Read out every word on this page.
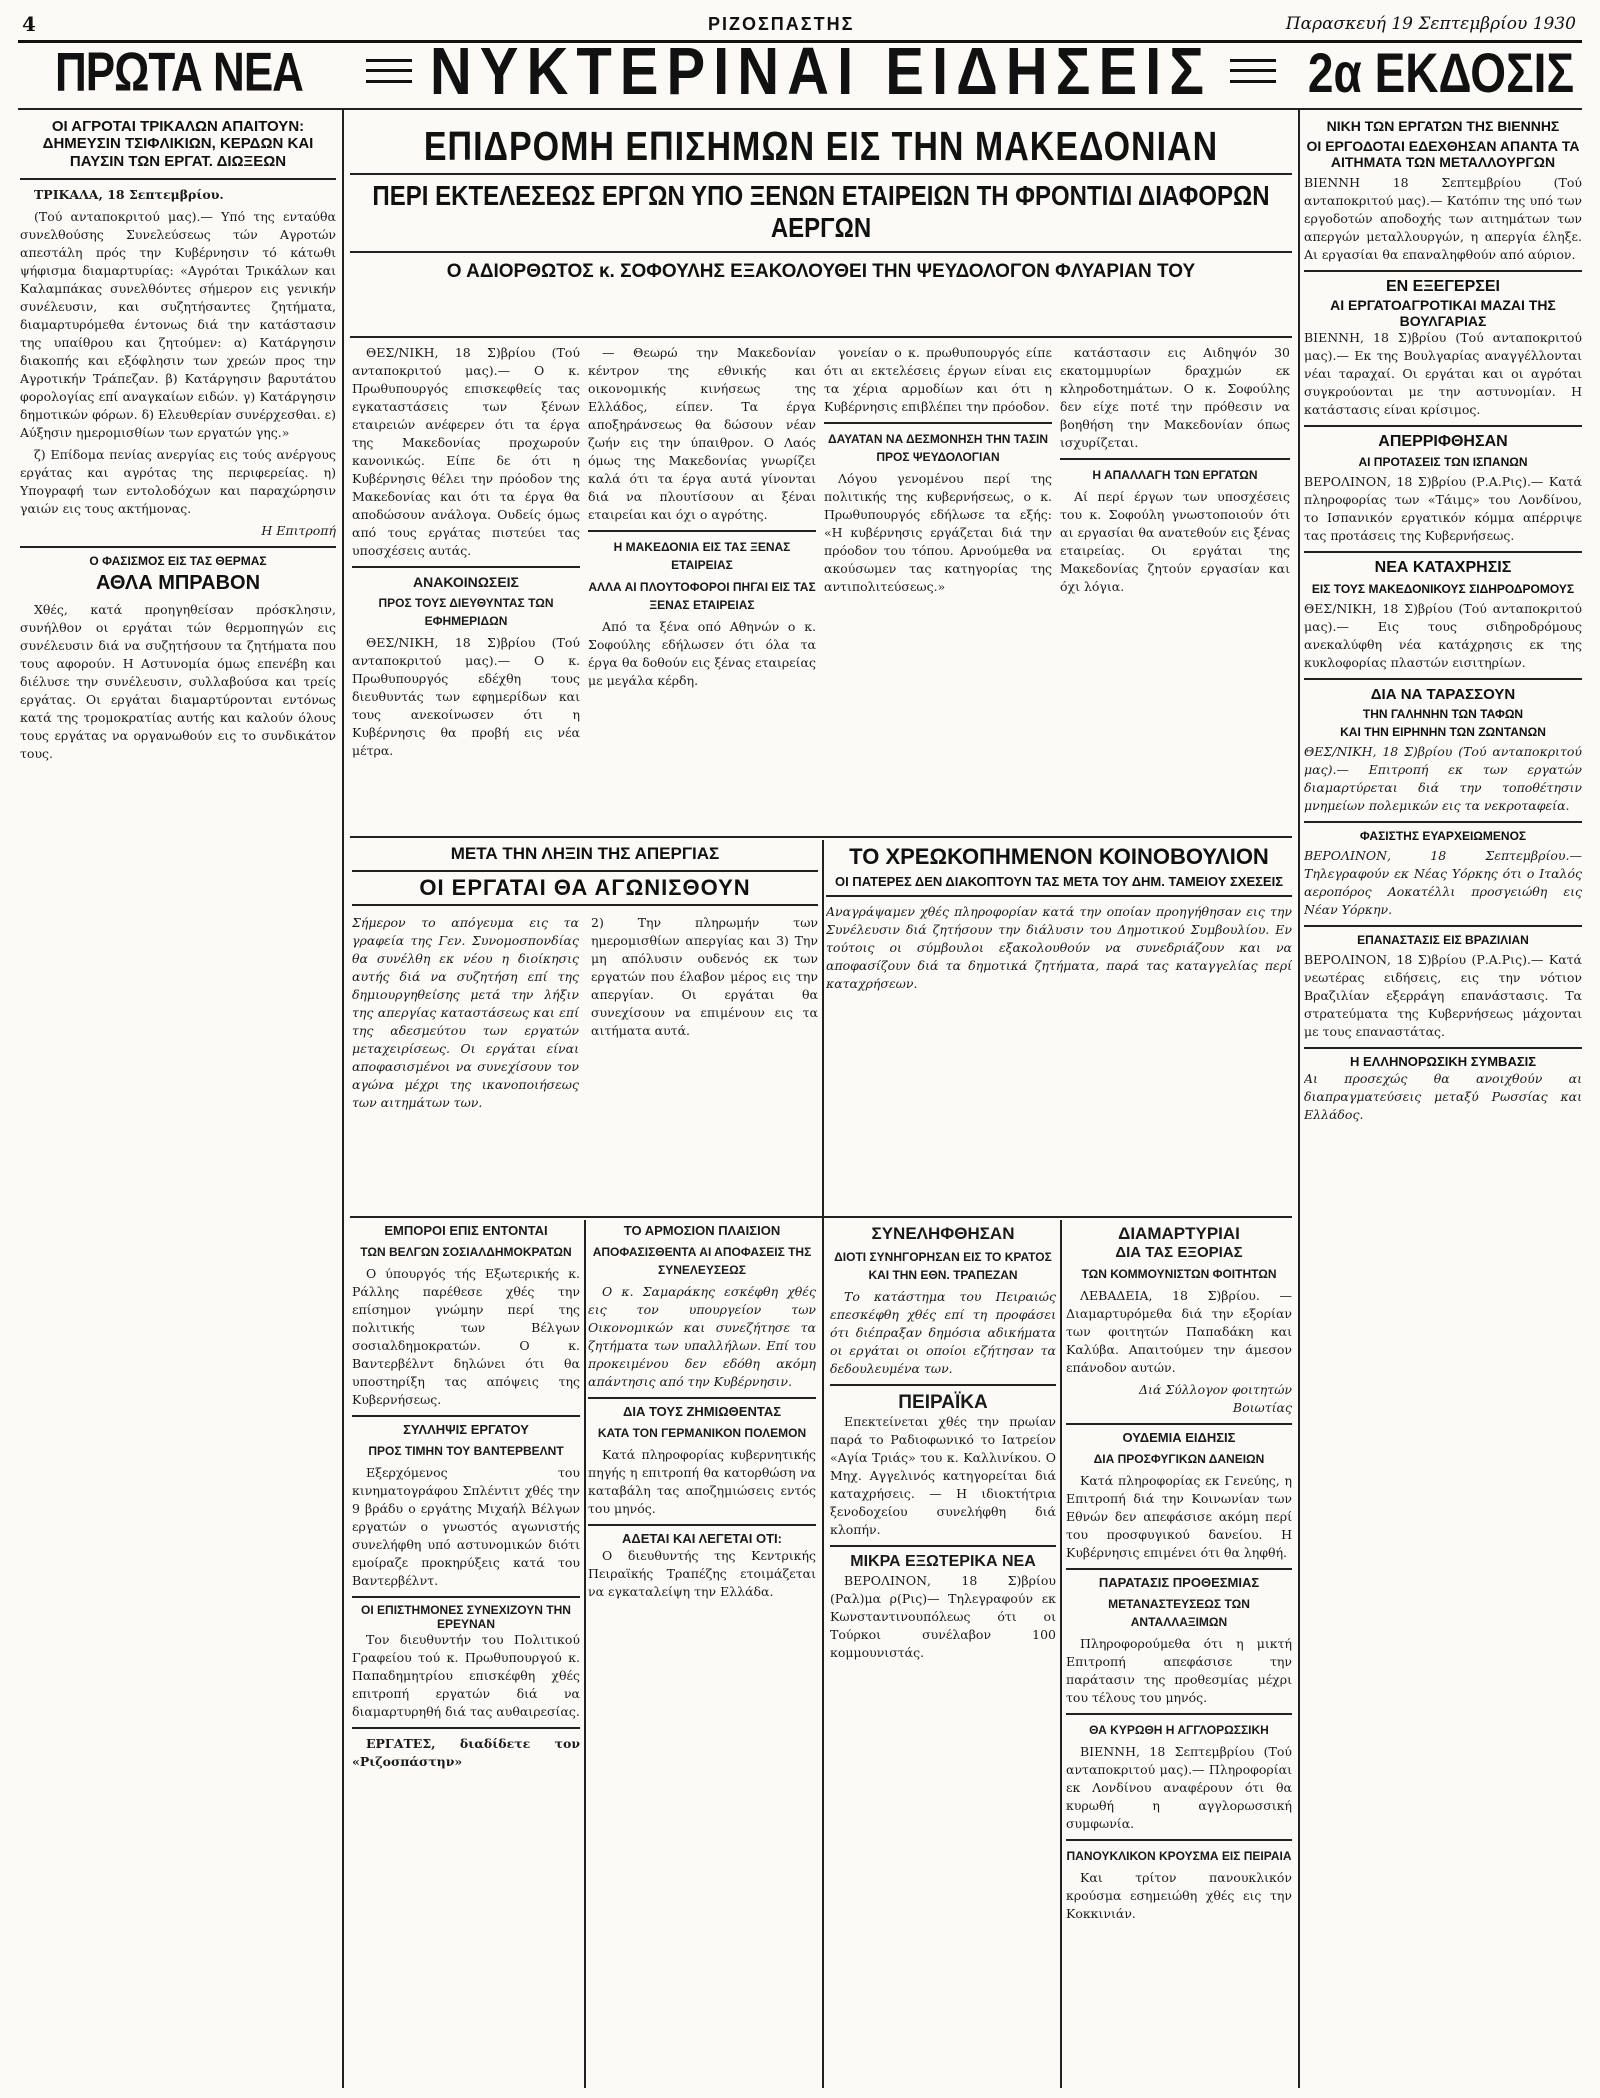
4	ΡΙΖΟΣΠΑΣΤΗΣ	Παρασκευή 19 Σεπτεμβρίου 1930
ΠΡΩΤΑ ΝΕΑ	ΝΥΚΤΕΡΙΝΑΙ ΕΙΔΗΣΕΙΣ 2α ΕΚΔΟΣΙΣ
ΟΙ ΑΓΡΟΤΑΙ ΤΡΙΚΑΛΩΝ ΑΠΑΙΤΟΥΝ: ΔΗΜΕΥΣΙΝ ΤΣΙΦΛΙΚΙΩΝ, ΚΕΡΔΩΝ ΚΑΙ ΠΑΥΣΙΝ ΤΩΝ ΕΡΓΑΤ. ΔΙΩΞΕΩΝ

ΤΡΙΚΑΛΑ, 18 Σεπτεμβρίου.

(Τού ανταποκριτού μας).— Υπό της ενταύθα συνελθούσης Συνελεύσεως τών Αγροτών απεστάλη πρός την Κυβέρνησιν τό κάτωθι ψήφισμα διαμαρτυρίας: «Αγρόται Τρικάλων και Καλαμπάκας συνελθόντες σήμερον εις γενικήν συνέλευσιν, και συζητήσαντες ζητήματα, διαμαρτυρόμεθα έντονως διά την κατάστασιν της υπαίθρου και ζητούμεν: α) Κατάργησιν διακοπής και εξόφλησιν των χρεών προς την Αγροτικήν Τράπεζαν. β) Κατάργησιν βαρυτάτου φορολογίας επί αναγκαίων ειδών. γ) Κατάργησιν δημοτικών φόρων. δ) Ελευθερίαν συνέρχεσθαι. ε) Αύξησιν ημερομισθίων των εργατών γης.»

ζ) Επίδομα πενίας ανεργίας εις τούς ανέργους εργάτας και αγρότας της περιφερείας. η) Υπογραφή των εντολοδόχων και παραχώρησιν γαιών εις τους ακτήμονας.

Η Επιτροπή

Ο ΦΑΣΙΣΜΟΣ ΕΙΣ ΤΑΣ ΘΕΡΜΑΣ
ΑΘΛΑ ΜΠΡΑΒΟΝ

Χθές, κατά προηγηθείσαν πρόσκλησιν, συνήλθον οι εργάται τών θερμοπηγών εις συνέλευσιν διά να συζητήσουν τα ζητήματα που τους αφορούν. Η Αστυνομία όμως επενέβη και διέλυσε την συνέλευσιν, συλλαβούσα και τρείς εργάτας. Οι εργάται διαμαρτύρονται εντόνως κατά της τρομοκρατίας αυτής και καλούν όλους τους εργάτας να οργανωθούν εις το συνδικάτον τους.

ΕΠΙΔΡΟΜΗ ΕΠΙΣΗΜΩΝ ΕΙΣ ΤΗΝ ΜΑΚΕΔΟΝΙΑΝ
ΠΕΡΙ ΕΚΤΕΛΕΣΕΩΣ ΕΡΓΩΝ ΥΠΟ ΞΕΝΩΝ ΕΤΑΙΡΕΙΩΝ ΤΗ ΦΡΟΝΤΙΔΙ ΔΙΑΦΟΡΩΝ ΑΕΡΓΩΝ
Ο ΑΔΙΟΡΘΩΤΟΣ κ. ΣΟΦΟΥΛΗΣ ΕΞΑΚΟΛΟΥΘΕΙ ΤΗΝ ΨΕΥΔΟΛΟΓΟΝ ΦΛΥΑΡΙΑΝ ΤΟΥ

ΘΕΣ/ΝΙΚΗ, 18 Σ)βρίου (Τού ανταποκριτού μας).— Ο κ. Πρωθυπουργός επισκεφθείς τας εγκαταστάσεις των ξένων εταιρειών ανέφερεν ότι τα έργα της Μακεδονίας προχωρούν κανονικώς. Είπε δε ότι η Κυβέρνησις θέλει την πρόοδον της Μακεδονίας και ότι τα έργα θα αποδώσουν ανάλογα. Ουδείς όμως από τους εργάτας πιστεύει τας υποσχέσεις αυτάς.

ΑΝΑΚΟΙΝΩΣΕΙΣ
ΠΡΟΣ ΤΟΥΣ ΔΙΕΥΘΥΝΤΑΣ ΤΩΝ ΕΦΗΜΕΡΙΔΩΝ

ΘΕΣ/ΝΙΚΗ, 18 Σ)βρίου (Τού ανταποκριτού μας).— Ο κ. Πρωθυπουργός εδέχθη τους διευθυντάς των εφημερίδων και τους ανεκοίνωσεν ότι η Κυβέρνησις θα προβή εις νέα μέτρα.

— Θεωρώ την Μακεδονίαν κέντρον της εθνικής και οικονομικής κινήσεως της Ελλάδος, είπεν. Τα έργα αποξηράνσεως θα δώσουν νέαν ζωήν εις την ύπαιθρον. Ο Λαός όμως της Μακεδονίας γνωρίζει καλά ότι τα έργα αυτά γίνονται διά να πλουτίσουν αι ξέναι εταιρείαι και όχι ο αγρότης.

Η ΜΑΚΕΔΟΝΙΑ ΕΙΣ ΤΑΣ ΞΕΝΑΣ ΕΤΑΙΡΕΙΑΣ
ΑΛΛΑ ΑΙ ΠΛΟΥΤΟΦΟΡΟΙ ΠΗΓΑΙ ΕΙΣ ΤΑΣ ΞΕΝΑΣ ΕΤΑΙΡΕΙΑΣ

Από τα ξένα οπό Αθηνών ο κ. Σοφούλης εδήλωσεν ότι όλα τα έργα θα δοθούν εις ξένας εταιρείας με μεγάλα κέρδη.

γονείαν ο κ. πρωθυπουργός είπε ότι αι εκτελέσεις έργων είναι εις τα χέρια αρμοδίων και ότι η Κυβέρνησις επιβλέπει την πρόοδον.

ΔΑΥΑΤΑΝ ΝΑ ΔΕΣΜΟΝΗΣΗ ΤΗΝ ΤΑΣΙΝ ΠΡΟΣ ΨΕΥΔΟΛΟΓΙΑΝ

Λόγου γενομένου περί της πολιτικής της κυβερνήσεως, ο κ. Πρωθυπουργός εδήλωσε τα εξής: «Η κυβέρνησις εργάζεται διά την πρόοδον του τόπου. Αρνούμεθα να ακούσωμεν τας κατηγορίας της αντιπολιτεύσεως.»

κατάστασιν εις Αιδηψόν 30 εκατομμυρίων δραχμών εκ κληροδοτημάτων. Ο κ. Σοφούλης δεν είχε ποτέ την πρόθεσιν να βοηθήση την Μακεδονίαν όπως ισχυρίζεται.

Η ΑΠΑΛΛΑΓΗ ΤΩΝ ΕΡΓΑΤΩΝ

Αί περί έργων των υποσχέσεις του κ. Σοφούλη γνωστοποιούν ότι αι εργασίαι θα ανατεθούν εις ξένας εταιρείας. Οι εργάται της Μακεδονίας ζητούν εργασίαν και όχι λόγια.

ΜΕΤΑ ΤΗΝ ΛΗΞΙΝ ΤΗΣ ΑΠΕΡΓΙΑΣ
ΟΙ ΕΡΓΑΤΑΙ ΘΑ ΑΓΩΝΙΣΘΟΥΝ
Σήμερον το απόγευμα εις τα γραφεία της Γεν. Συνομοσπονδίας θα συνέλθη εκ νέου η διοίκησις αυτής διά να συζητήση επί της δημιουργηθείσης μετά την λήξιν της απεργίας καταστάσεως και επί της αδεσμεύτου των εργατών μεταχειρίσεως. Οι εργάται είναι αποφασισμένοι να συνεχίσουν τον αγώνα μέχρι της ικανοποιήσεως των αιτημάτων των.
2) Την πληρωμήν των ημερομισθίων απεργίας και 3) Την μη απόλυσιν ουδενός εκ των εργατών που έλαβον μέρος εις την απεργίαν. Οι εργάται θα συνεχίσουν να επιμένουν εις τα αιτήματα αυτά.
ΤΟ ΧΡΕΩΚΟΠΗΜΕΝΟΝ ΚΟΙΝΟΒΟΥΛΙΟΝ
ΟΙ ΠΑΤΕΡΕΣ ΔΕΝ ΔΙΑΚΟΠΤΟΥΝ ΤΑΣ ΜΕΤΑ ΤΟΥ ΔΗΜ. ΤΑΜΕΙΟΥ ΣΧΕΣΕΙΣ
Αναγράψαμεν χθές πληροφορίαν κατά την οποίαν προηγήθησαν εις την Συνέλευσιν διά ζητήσουν την διάλυσιν του Δημοτικού Συμβουλίου. Εν τούτοις οι σύμβουλοι εξακολουθούν να συνεδριάζουν και να αποφασίζουν διά τα δημοτικά ζητήματα, παρά τας καταγγελίας περί καταχρήσεων.
ΕΜΠΟΡΟΙ ΕΠΙΣ ΕΝΤΟΝΤΑΙ
ΤΩΝ ΒΕΛΓΩΝ ΣΟΣΙΑΛΔΗΜΟΚΡΑΤΩΝ

Ο ύπουργός τής Εξωτερικής κ. Ράλλης παρέθεσε χθές την επίσημον γνώμην περί της πολιτικής των Βέλγων σοσιαλδημοκρατών. Ο κ. Βαντερβέλντ δηλώνει ότι θα υποστηρίξη τας απόψεις της Κυβερνήσεως.

ΣΥΛΛΗΨΙΣ ΕΡΓΑΤΟΥ
ΠΡΟΣ ΤΙΜΗΝ ΤΟΥ ΒΑΝΤΕΡΒΕΛΝΤ

Εξερχόμενος του κινηματογράφου Σπλέντιτ χθές την 9 βράδυ ο εργάτης Μιχαήλ Βέλγων εργατών ο γνωστός αγωνιστής συνελήφθη υπό αστυνομικών διότι εμοίραζε προκηρύξεις κατά του Βαντερβέλντ.

ΟΙ ΕΠΙΣΤΗΜΟΝΕΣ ΣΥΝΕΧΙΖΟΥΝ ΤΗΝ ΕΡΕΥΝΑΝ

Τον διευθυντήν του Πολιτικού Γραφείου τού κ. Πρωθυπουργού κ. Παπαδημητρίου επισκέφθη χθές επιτροπή εργατών διά να διαμαρτυρηθή διά τας αυθαιρεσίας.

ΕΡΓΑΤΕΣ, διαδίδετε τον «Ριζοσπάστην»

ΤΟ ΑΡΜΟΣΙΟΝ ΠΛΑΙΣΙΟΝ
ΑΠΟΦΑΣΙΣΘΕΝΤΑ ΑΙ ΑΠΟΦΑΣΕΙΣ ΤΗΣ ΣΥΝΕΛΕΥΣΕΩΣ

Ο κ. Σαμαράκης εσκέφθη χθές εις τον υπουργείον των Οικονομικών και συνεζήτησε τα ζητήματα των υπαλλήλων. Επί του προκειμένου δεν εδόθη ακόμη απάντησις από την Κυβέρνησιν.

ΔΙΑ ΤΟΥΣ ΖΗΜΙΩΘΕΝΤΑΣ
ΚΑΤΑ ΤΟΝ ΓΕΡΜΑΝΙΚΟΝ ΠΟΛΕΜΟΝ

Κατά πληροφορίας κυβερνητικής πηγής η επιτροπή θα κατορθώση να καταβάλη τας αποζημιώσεις εντός του μηνός.

ΑΔΕΤΑΙ ΚΑΙ ΛΕΓΕΤΑΙ ΟΤΙ:

Ο διευθυντής της Κεντρικής Πειραϊκής Τραπέζης ετοιμάζεται να εγκαταλείψη την Ελλάδα.

ΣΥΝΕΛΗΦΘΗΣΑΝ
ΔΙΟΤΙ ΣΥΝΗΓΟΡΗΣΑΝ ΕΙΣ ΤΟ ΚΡΑΤΟΣ ΚΑΙ ΤΗΝ ΕΘΝ. ΤΡΑΠΕΖΑΝ

Το κατάστημα του Πειραιώς επεσκέφθη χθές επί τη προφάσει ότι διέπραξαν δημόσια αδικήματα οι εργάται οι οποίοι εζήτησαν τα δεδουλευμένα των.

ΠΕΙΡΑΪΚΑ

Επεκτείνεται χθές την πρωίαν παρά το Ραδιοφωνικό το Ιατρείον «Αγία Τριάς» του κ. Καλλινίκου. Ο Μηχ. Αγγελινός κατηγορείται διά καταχρήσεις. — Η ιδιοκτήτρια ξενοδοχείου συνελήφθη διά κλοπήν.

ΜΙΚΡΑ ΕΞΩΤΕΡΙΚΑ ΝΕΑ

ΒΕΡΟΛΙΝΟΝ, 18 Σ)βρίου (Ραλ)μα ρ(Ρις)— Τηλεγραφούν εκ Κωνσταντινουπόλεως ότι οι Τούρκοι συνέλαβον 100 κομμουνιστάς.

ΔΙΑΜΑΡΤΥΡΙΑΙ
ΔΙΑ ΤΑΣ ΕΞΟΡΙΑΣ
ΤΩΝ ΚΟΜΜΟΥΝΙΣΤΩΝ ΦΟΙΤΗΤΩΝ

ΛΕΒΑΔΕΙΑ, 18 Σ)βρίου. — Διαμαρτυρόμεθα διά την εξορίαν των φοιτητών Παπαδάκη και Καλύβα. Απαιτούμεν την άμεσον επάνοδον αυτών.

Διά Σύλλογον φοιτητών Βοιωτίας

ΟΥΔΕΜΙΑ ΕΙΔΗΣΙΣ
ΔΙΑ ΠΡΟΣΦΥΓΙΚΩΝ ΔΑΝΕΙΩΝ

Κατά πληροφορίας εκ Γενεύης, η Επιτροπή διά την Κοινωνίαν των Εθνών δεν απεφάσισε ακόμη περί του προσφυγικού δανείου. Η Κυβέρνησις επιμένει ότι θα ληφθή.

ΠΑΡΑΤΑΣΙΣ ΠΡΟΘΕΣΜΙΑΣ
ΜΕΤΑΝΑΣΤΕΥΣΕΩΣ ΤΩΝ ΑΝΤΑΛΛΑΞΙΜΩΝ

Πληροφορούμεθα ότι η μικτή Επιτροπή απεφάσισε την παράτασιν της προθεσμίας μέχρι του τέλους του μηνός.

ΘΑ ΚΥΡΩΘΗ Η ΑΓΓΛΟΡΩΣΣΙΚΗ

ΒΙΕΝΝΗ, 18 Σεπτεμβρίου (Τού ανταποκριτού μας).— Πληροφορίαι εκ Λονδίνου αναφέρουν ότι θα κυρωθή η αγγλορωσσική συμφωνία.

ΠΑΝΟΥΚΛΙΚΟΝ ΚΡΟΥΣΜΑ ΕΙΣ ΠΕΙΡΑΙΑ

Και τρίτον πανουκλικόν κρούσμα εσημειώθη χθές εις την Κοκκινιάν.

ΝΙΚΗ ΤΩΝ ΕΡΓΑΤΩΝ ΤΗΣ ΒΙΕΝΝΗΣ
ΟΙ ΕΡΓΟΔΟΤΑΙ ΕΔΕΧΘΗΣΑΝ ΑΠΑΝΤΑ ΤΑ ΑΙΤΗΜΑΤΑ ΤΩΝ ΜΕΤΑΛΛΟΥΡΓΩΝ
ΒΙΕΝΝΗ 18 Σεπτεμβρίου (Τού ανταποκριτού μας).— Κατόπιν της υπό των εργοδοτών αποδοχής των αιτημάτων των απεργών μεταλλουργών, η απεργία έληξε. Αι εργασίαι θα επαναληφθούν από αύριον.
ΕΝ ΕΞΕΓΕΡΣΕΙ
ΑΙ ΕΡΓΑΤΟΑΓΡΟΤΙΚΑΙ ΜΑΖΑΙ ΤΗΣ ΒΟΥΛΓΑΡΙΑΣ
ΒΙΕΝΝΗ, 18 Σ)βρίου (Τού ανταποκριτού μας).— Εκ της Βουλγαρίας αναγγέλλονται νέαι ταραχαί. Οι εργάται και οι αγρόται συγκρούονται με την αστυνομίαν. Η κατάστασις είναι κρίσιμος.
ΑΠΕΡΡΙΦΘΗΣΑΝ
ΑΙ ΠΡΟΤΑΣΕΙΣ ΤΩΝ ΙΣΠΑΝΩΝ
ΒΕΡΟΛΙΝΟΝ, 18 Σ)βρίου (Ρ.Α.Ρις).— Κατά πληροφορίας των «Τάιμς» του Λονδίνου, το Ισπανικόν εργατικόν κόμμα απέρριψε τας προτάσεις της Κυβερνήσεως.
ΝΕΑ ΚΑΤΑΧΡΗΣΙΣ
ΕΙΣ ΤΟΥΣ ΜΑΚΕΔΟΝΙΚΟΥΣ ΣΙΔΗΡΟΔΡΟΜΟΥΣ
ΘΕΣ/ΝΙΚΗ, 18 Σ)βρίου (Τού ανταποκριτού μας).— Εις τους σιδηροδρόμους ανεκαλύφθη νέα κατάχρησις εκ της κυκλοφορίας πλαστών εισιτηρίων.
ΔΙΑ ΝΑ ΤΑΡΑΣΣΟΥΝ
ΤΗΝ ΓΑΛΗΝΗΝ ΤΩΝ ΤΑΦΩΝ
ΚΑΙ ΤΗΝ ΕΙΡΗΝΗΝ ΤΩΝ ΖΩΝΤΑΝΩΝ
ΘΕΣ/ΝΙΚΗ, 18 Σ)βρίου (Τού ανταποκριτού μας).— Επιτροπή εκ των εργατών διαμαρτύρεται διά την τοποθέτησιν μνημείων πολεμικών εις τα νεκροταφεία.
ΦΑΣΙΣΤΗΣ ΕΥΑΡΧΕΙΩΜΕΝΟΣ
ΒΕΡΟΛΙΝΟΝ, 18 Σεπτεμβρίου.— Τηλεγραφούν εκ Νέας Υόρκης ότι ο Ιταλός αεροπόρος Αοκατέλλι προσγειώθη εις Νέαν Υόρκην.
ΕΠΑΝΑΣΤΑΣΙΣ ΕΙΣ ΒΡΑΖΙΛΙΑΝ
ΒΕΡΟΛΙΝΟΝ, 18 Σ)βρίου (Ρ.Α.Ρις).— Κατά νεωτέρας ειδήσεις, εις την νότιον Βραζιλίαν εξερράγη επανάστασις. Τα στρατεύματα της Κυβερνήσεως μάχονται με τους επαναστάτας.
Η ΕΛΛΗΝΟΡΩΣΙΚΗ ΣΥΜΒΑΣΙΣ
Αι προσεχώς θα ανοιχθούν αι διαπραγματεύσεις μεταξύ Ρωσσίας και Ελλάδος.
